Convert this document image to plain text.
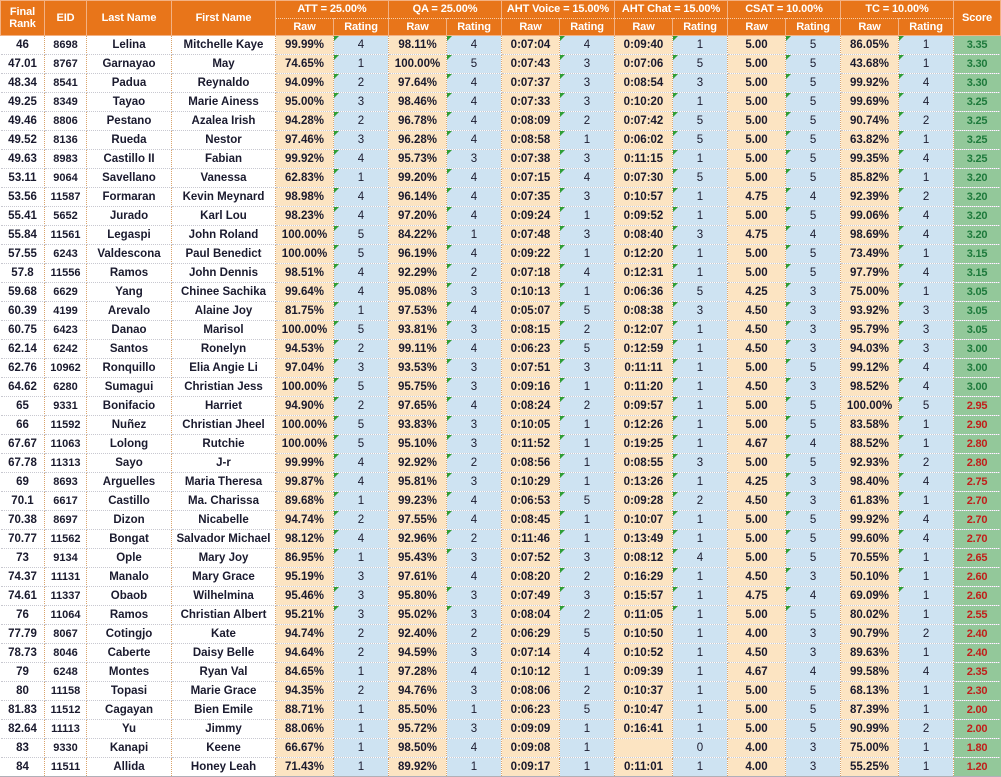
Final Rank	EID	Last Name	First Name	ATT = 25.00%		QA = 25.00%		AHT Voice = 15.00%		AHT Chat = 15.00%		CSAT = 10.00%		TC = 10.00%		Score
				Raw	Rating	Raw	Rating	Raw	Rating	Raw	Rating	Raw	Rating	Raw	Rating	
46	8698	Lelina	Mitchelle Kaye	99.99%	4	98.11%	4	0:07:04	4	0:09:40	1	5.00	5	86.05%	1	3.35
47.01	8767	Garnayao	May	74.65%	1	100.00%	5	0:07:43	3	0:07:06	5	5.00	5	43.68%	1	3.30
48.34	8541	Padua	Reynaldo	94.09%	2	97.64%	4	0:07:37	3	0:08:54	3	5.00	5	99.92%	4	3.30
49.25	8349	Tayao	Marie Ainess	95.00%	3	98.46%	4	0:07:33	3	0:10:20	1	5.00	5	99.69%	4	3.25
49.46	8806	Pestano	Azalea Irish	94.28%	2	96.78%	4	0:08:09	2	0:07:42	5	5.00	5	90.74%	2	3.25
49.52	8136	Rueda	Nestor	97.46%	3	96.28%	4	0:08:58	1	0:06:02	5	5.00	5	63.82%	1	3.25
49.63	8983	Castillo II	Fabian	99.92%	4	95.73%	3	0:07:38	3	0:11:15	1	5.00	5	99.35%	4	3.25
53.11	9064	Savellano	Vanessa	62.83%	1	99.20%	4	0:07:15	4	0:07:30	5	5.00	5	85.82%	1	3.20
53.56	11587	Formaran	Kevin Meynard	98.98%	4	96.14%	4	0:07:35	3	0:10:57	1	4.75	4	92.39%	2	3.20
55.41	5652	Jurado	Karl Lou	98.23%	4	97.20%	4	0:09:24	1	0:09:52	1	5.00	5	99.06%	4	3.20
55.84	11561	Legaspi	John Roland	100.00%	5	84.22%	1	0:07:48	3	0:08:40	3	4.75	4	98.69%	4	3.20
57.55	6243	Valdescona	Paul Benedict	100.00%	5	96.19%	4	0:09:22	1	0:12:20	1	5.00	5	73.49%	1	3.15
57.8	11556	Ramos	John Dennis	98.51%	4	92.29%	2	0:07:18	4	0:12:31	1	5.00	5	97.79%	4	3.15
59.68	6629	Yang	Chinee Sachika	99.64%	4	95.08%	3	0:10:13	1	0:06:36	5	4.25	3	75.00%	1	3.05
60.39	4199	Arevalo	Alaine Joy	81.75%	1	97.53%	4	0:05:07	5	0:08:38	3	4.50	3	93.92%	3	3.05
60.75	6423	Danao	Marisol	100.00%	5	93.81%	3	0:08:15	2	0:12:07	1	4.50	3	95.79%	3	3.05
62.14	6242	Santos	Ronelyn	94.53%	2	99.11%	4	0:06:23	5	0:12:59	1	4.50	3	94.03%	3	3.00
62.76	10962	Ronquillo	Elia Angie Li	97.04%	3	93.53%	3	0:07:51	3	0:11:11	1	5.00	5	99.12%	4	3.00
64.62	6280	Sumagui	Christian Jess	100.00%	5	95.75%	3	0:09:16	1	0:11:20	1	4.50	3	98.52%	4	3.00
65	9331	Bonifacio	Harriet	94.90%	2	97.65%	4	0:08:24	2	0:09:57	1	5.00	5	100.00%	5	2.95
66	11592	Nuñez	Christian Jheel	100.00%	5	93.83%	3	0:10:05	1	0:12:26	1	5.00	5	83.58%	1	2.90
67.67	11063	Lolong	Rutchie	100.00%	5	95.10%	3	0:11:52	1	0:19:25	1	4.67	4	88.52%	1	2.80
67.78	11313	Sayo	J-r	99.99%	4	92.92%	2	0:08:56	1	0:08:55	3	5.00	5	92.93%	2	2.80
69	8693	Arguelles	Maria Theresa	99.87%	4	95.81%	3	0:10:29	1	0:13:26	1	4.25	3	98.40%	4	2.75
70.1	6617	Castillo	Ma. Charissa	89.68%	1	99.23%	4	0:06:53	5	0:09:28	2	4.50	3	61.83%	1	2.70
70.38	8697	Dizon	Nicabelle	94.74%	2	97.55%	4	0:08:45	1	0:10:07	1	5.00	5	99.92%	4	2.70
70.77	11562	Bongat	Salvador Michael	98.12%	4	92.96%	2	0:11:46	1	0:13:49	1	5.00	5	99.60%	4	2.70
73	9134	Ople	Mary Joy	86.95%	1	95.43%	3	0:07:52	3	0:08:12	4	5.00	5	70.55%	1	2.65
74.37	11131	Manalo	Mary Grace	95.19%	3	97.61%	4	0:08:20	2	0:16:29	1	4.50	3	50.10%	1	2.60
74.61	11337	Obaob	Wilhelmina	95.46%	3	95.80%	3	0:07:49	3	0:15:57	1	4.75	4	69.09%	1	2.60
76	11064	Ramos	Christian Albert	95.21%	3	95.02%	3	0:08:04	2	0:11:05	1	5.00	5	80.02%	1	2.55
77.79	8067	Cotingjo	Kate	94.74%	2	92.40%	2	0:06:29	5	0:10:50	1	4.00	3	90.79%	2	2.40
78.73	8046	Caberte	Daisy Belle	94.64%	2	94.59%	3	0:07:14	4	0:10:52	1	4.50	3	89.63%	1	2.40
79	6248	Montes	Ryan Val	84.65%	1	97.28%	4	0:10:12	1	0:09:39	1	4.67	4	99.58%	4	2.35
80	11158	Topasi	Marie Grace	94.35%	2	94.76%	3	0:08:06	2	0:10:37	1	5.00	5	68.13%	1	2.30
81.83	11512	Cagayan	Bien Emile	88.71%	1	85.50%	1	0:06:23	5	0:10:47	1	5.00	5	87.39%	1	2.00
82.64	11113	Yu	Jimmy	88.06%	1	95.72%	3	0:09:09	1	0:16:41	1	5.00	5	90.99%	2	2.00
83	9330	Kanapi	Keene	66.67%	1	98.50%	4	0:09:08	1		0	4.00	3	75.00%	1	1.80
84	11511	Allida	Honey Leah	71.43%	1	89.92%	1	0:09:17	1	0:11:01	1	4.00	3	55.25%	1	1.20
